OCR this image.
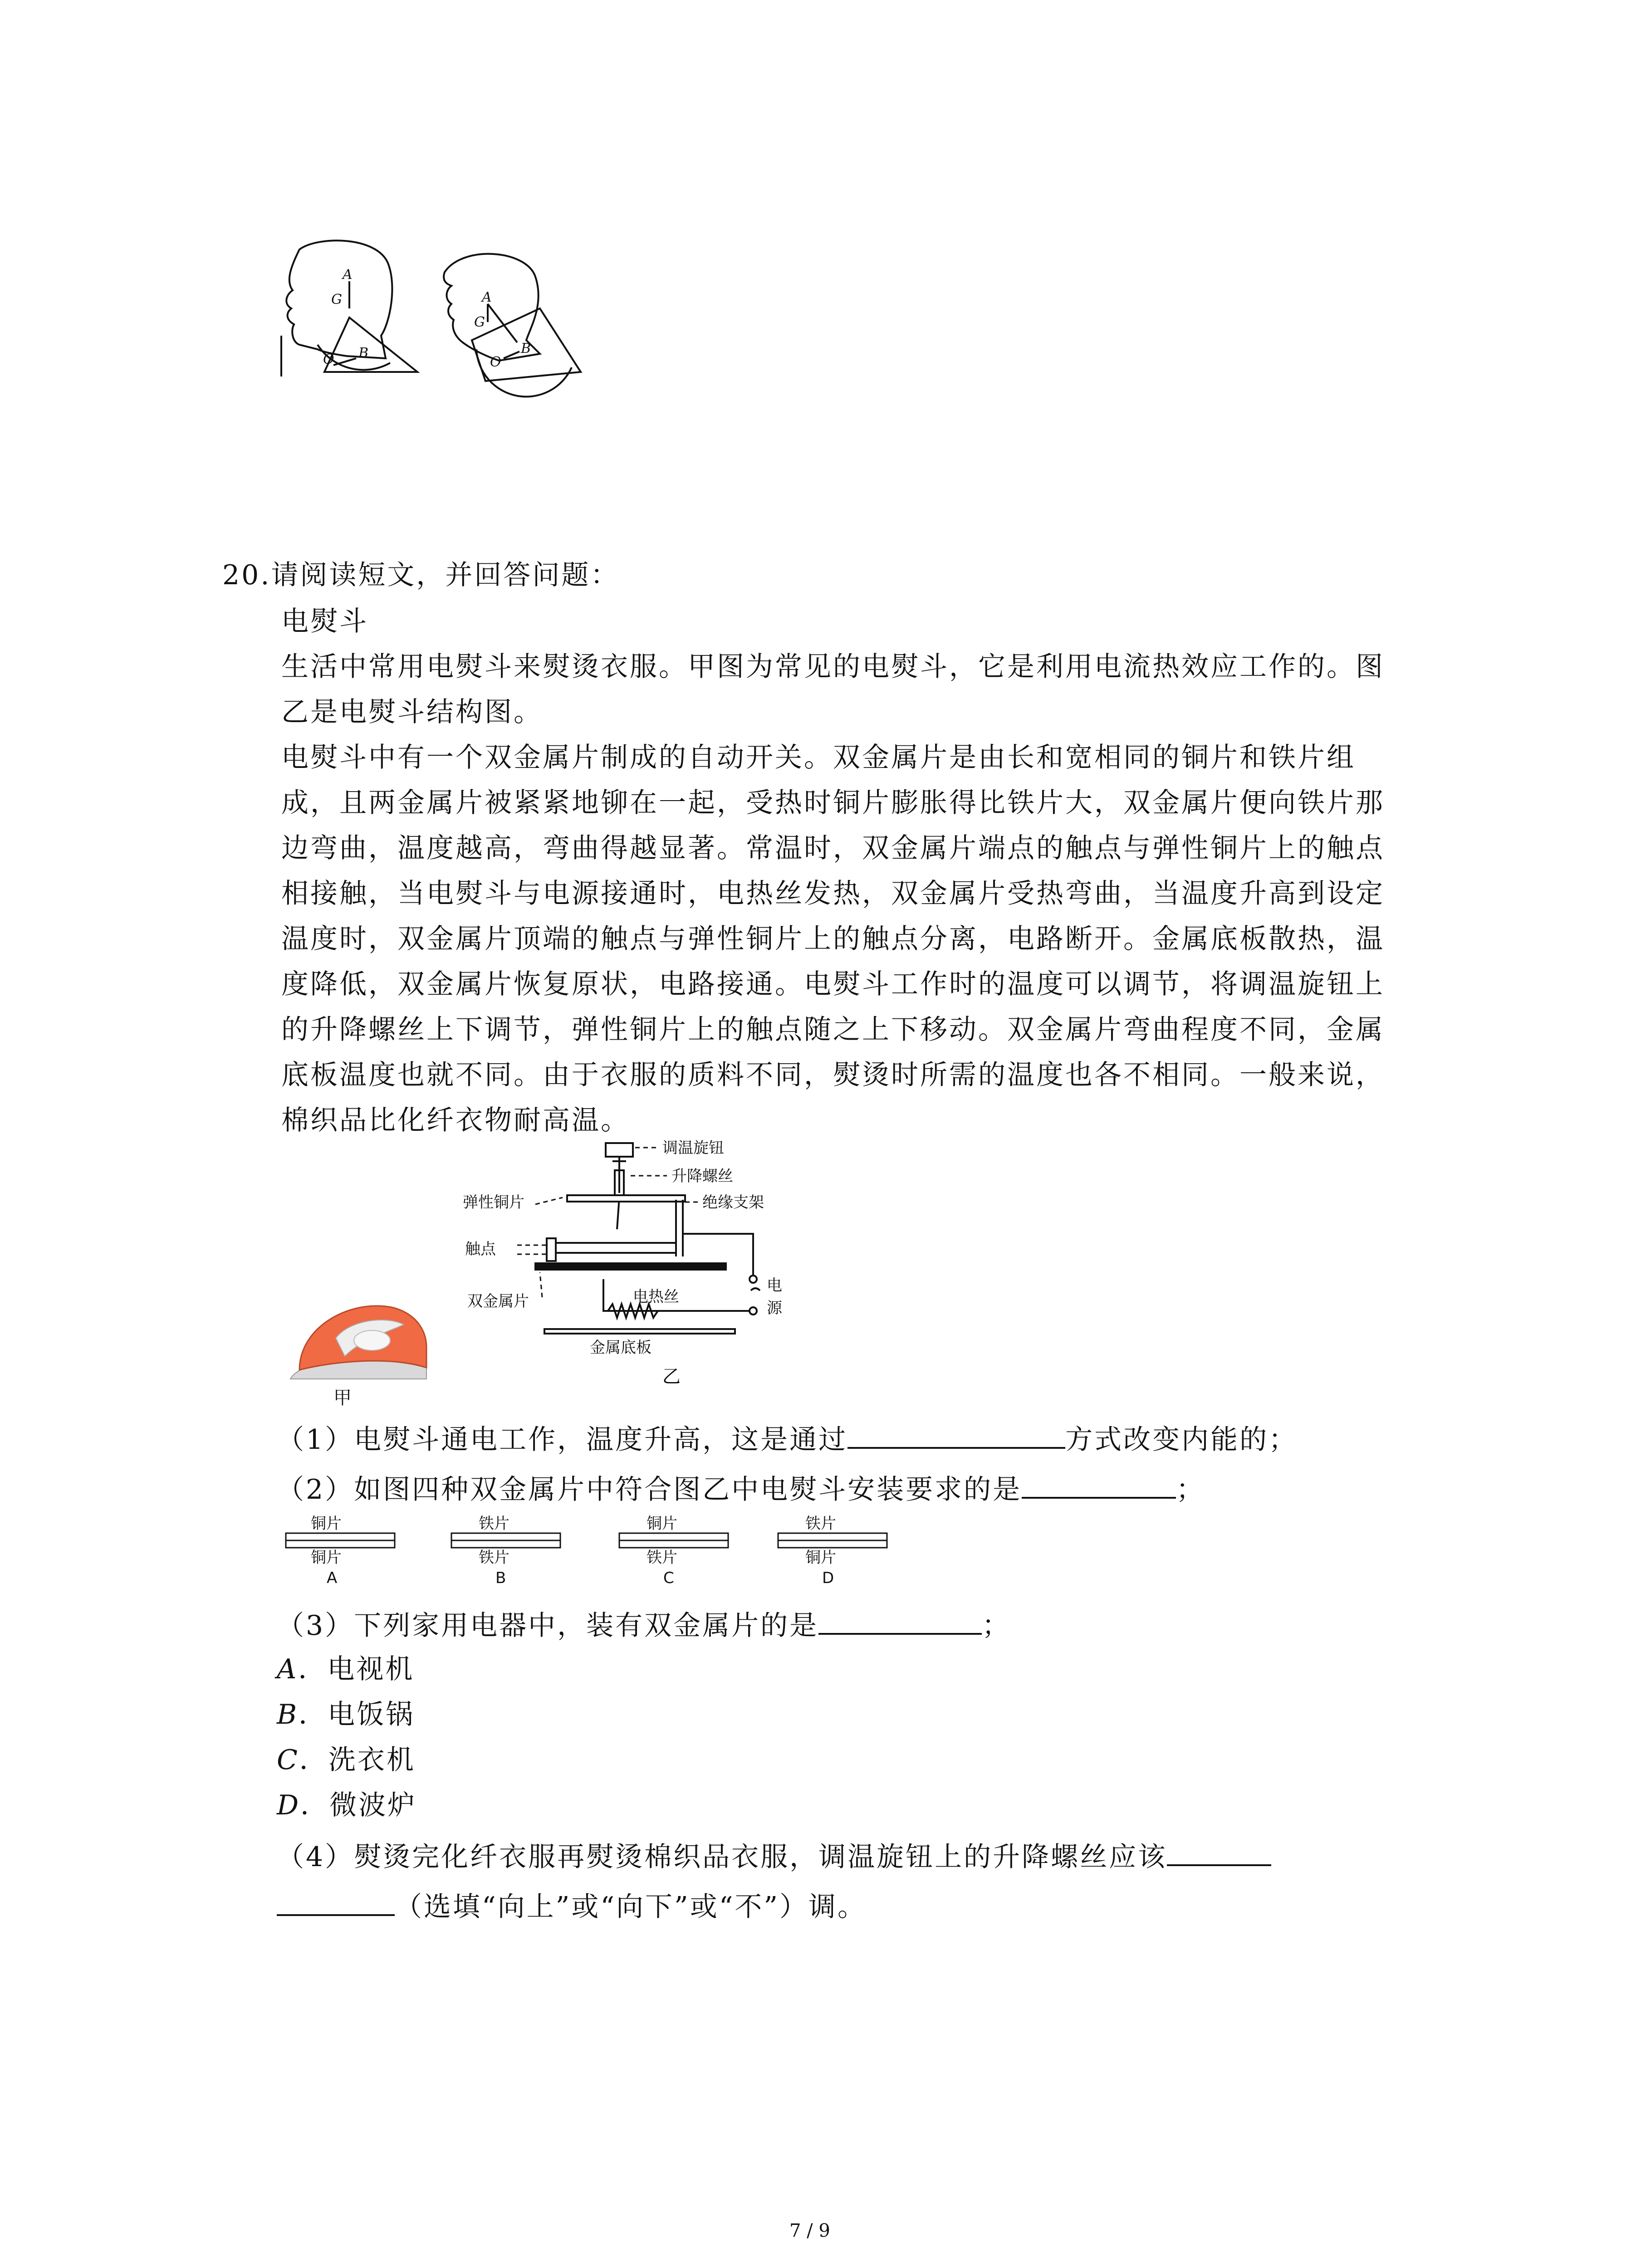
A
G
O B
A
G
O
B
20.请阅读短文，并回答问题：
电熨斗
生活中常用电熨斗来熨烫衣服。甲图为常见的电熨斗，它是利用电流热效应工作的。图
乙是电熨斗结构图。
电熨斗中有一个双金属片制成的自动开关。双金属片是由长和宽相同的铜片和铁片组
成，且两金属片被紧紧地铆在一起，受热时铜片膨胀得比铁片大，双金属片便向铁片那
边弯曲，温度越高，弯曲得越显著。常温时，双金属片端点的触点与弹性铜片上的触点
相接触，当电熨斗与电源接通时，电热丝发热，双金属片受热弯曲，当温度升高到设定
温度时，双金属片顶端的触点与弹性铜片上的触点分离，电路断开。金属底板散热，温
度降低，双金属片恢复原状，电路接通。电熨斗工作时的温度可以调节，将调温旋钮上
的升降螺丝上下调节，弹性铜片上的触点随之上下移动。双金属片弯曲程度不同，金属
底板温度也就不同。由于衣服的质料不同，熨烫时所需的温度也各不相同。一般来说，
棉织品比化纤衣物耐高温。
甲
调温旋钮
升降螺丝
绝缘支架
弹性铜片
触点
电热丝
电
源
双金属片
金属底板
乙
（1）电熨斗通电工作，温度升高，这是通过	方式改变内能的；
（2）如图四种双金属片中符合图乙中电熨斗安装要求的是	；
铜片
铜片
A
铁片
铁片
B
铜片
铁片
C
铁片
铜片
D
（3）下列家用电器中，装有双金属片的是	；
A．电视机
B．电饭锅
C．洗衣机
D．微波炉
（4）熨烫完化纤衣服再熨烫棉织品衣服，调温旋钮上的升降螺丝应该
（选填“向上”或“向下”或“不”）调。
7 / 9
